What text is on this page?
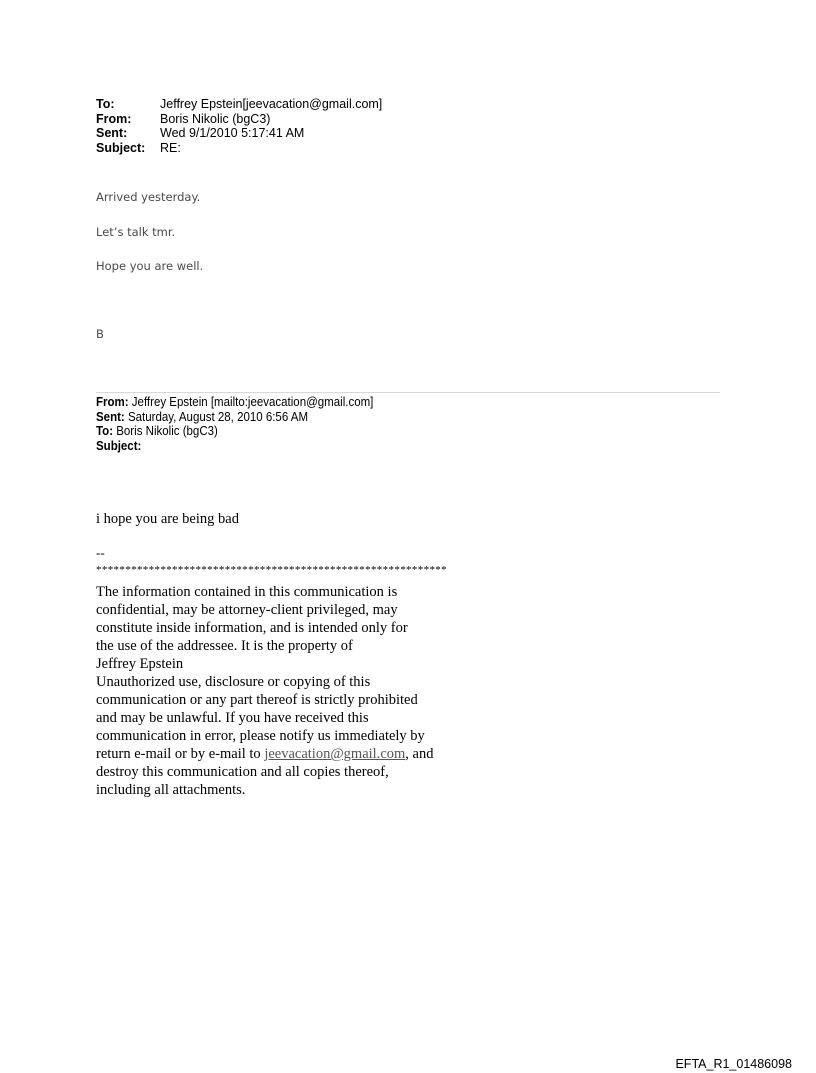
To:	Jeffrey Epstein[jeevacation@gmail.com]
From:	Boris Nikolic (bgC3)
Sent:	Wed 9/1/2010 5:17:41 AM
Subject:	RE:
Arrived yesterday.
Let’s talk tmr.
Hope you are well.
B
From: Jeffrey Epstein [mailto:jeevacation@gmail.com]
Sent: Saturday, August 28, 2010 6:56 AM
To: Boris Nikolic (bgC3)
Subject:
i hope you are being bad
--
************************************************************
The information contained in this communication is
confidential, may be attorney-client privileged, may
constitute inside information, and is intended only for
the use of the addressee. It is the property of
Jeffrey Epstein
Unauthorized use, disclosure or copying of this
communication or any part thereof is strictly prohibited
and may be unlawful. If you have received this
communication in error, please notify us immediately by
return e-mail or by e-mail to jeevacation@gmail.com, and
destroy this communication and all copies thereof,
including all attachments.
EFTA_R1_01486098
